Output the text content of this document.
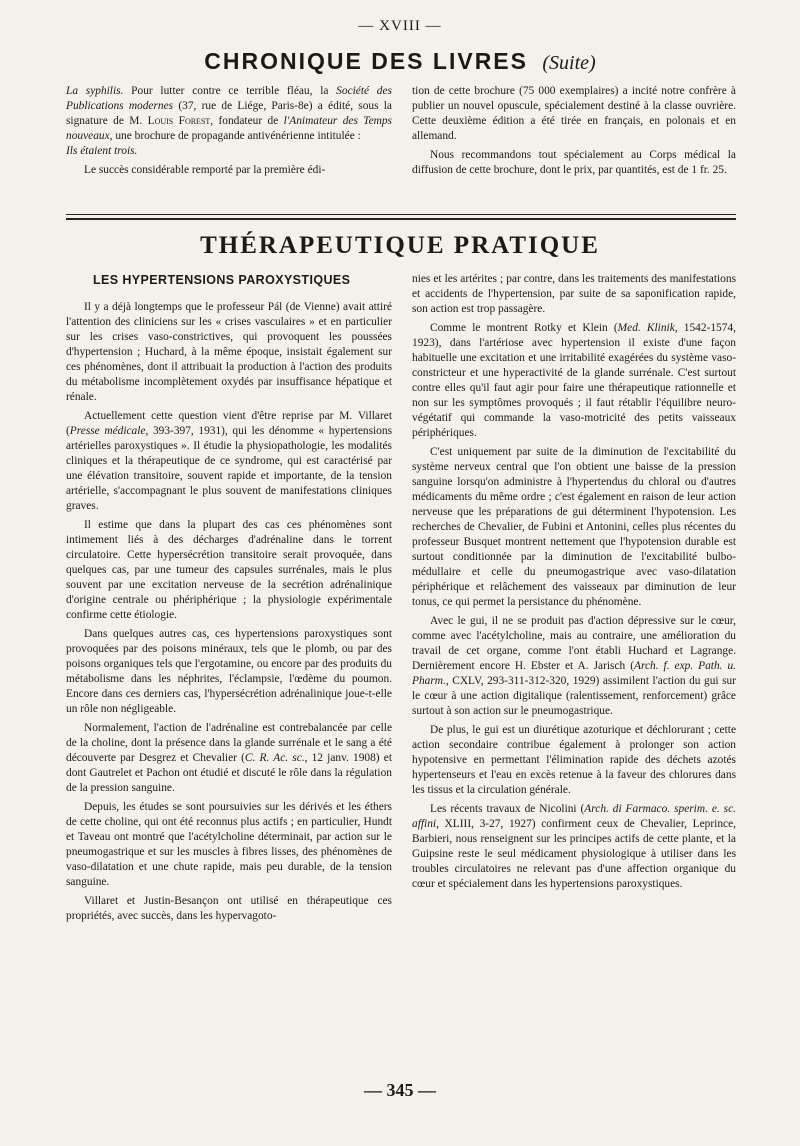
— XVIII —
CHRONIQUE DES LIVRES (Suite)

La syphilis. Pour lutter contre ce terrible fléau, la Société des Publications modernes (37, rue de Liége, Paris-8e) a édité, sous la signature de M. Louis Forest, fondateur de l'Animateur des Temps nouveaux, une brochure de propagande antivénérienne intitulée :
Ils étaient trois.

Le succès considérable remporté par la première édi-

tion de cette brochure (75 000 exemplaires) a incité notre confrère à publier un nouvel opuscule, spécialement destiné à la classe ouvrière. Cette deuxième édition a été tirée en français, en polonais et en allemand.

Nous recommandons tout spécialement au Corps médical la diffusion de cette brochure, dont le prix, par quantités, est de 1 fr. 25.

THÉRAPEUTIQUE PRATIQUE
LES HYPERTENSIONS PAROXYSTIQUES

Il y a déjà longtemps que le professeur Pál (de Vienne) avait attiré l'attention des cliniciens sur les « crises vasculaires » et en particulier sur les crises vaso-constrictives, qui provoquent les poussées d'hypertension ; Huchard, à la même époque, insistait également sur ces phénomènes, dont il attribuait la production à l'action des produits du métabolisme incomplètement oxydés par insuffisance hépatique et rénale.

Actuellement cette question vient d'être reprise par M. Villaret (Presse médicale, 393-397, 1931), qui les dénomme « hypertensions artérielles paroxystiques ». Il étudie la physiopathologie, les modalités cliniques et la thérapeutique de ce syndrome, qui est caractérisé par une élévation transitoire, souvent rapide et importante, de la tension artérielle, s'accompagnant le plus souvent de manifestations cliniques graves.

Il estime que dans la plupart des cas ces phénomènes sont intimement liés à des décharges d'adrénaline dans le torrent circulatoire. Cette hypersécrétion transitoire serait provoquée, dans quelques cas, par une tumeur des capsules surrénales, mais le plus souvent par une excitation nerveuse de la secrétion adrénalinique d'origine centrale ou phériphérique ; la physiologie expérimentale confirme cette étiologie.

Dans quelques autres cas, ces hypertensions paroxystiques sont provoquées par des poisons minéraux, tels que le plomb, ou par des poisons organiques tels que l'ergotamine, ou encore par des produits du métabolisme dans les néphrites, l'éclampsie, l'œdème du poumon. Encore dans ces derniers cas, l'hypersécrétion adrénalinique joue-t-elle un rôle non négligeable.

Normalement, l'action de l'adrénaline est contrebalancée par celle de la choline, dont la présence dans la glande surrénale et le sang a été découverte par Desgrez et Chevalier (C. R. Ac. sc., 12 janv. 1908) et dont Gautrelet et Pachon ont étudié et discuté le rôle dans la régulation de la pression sanguine.

Depuis, les études se sont poursuivies sur les dérivés et les éthers de cette choline, qui ont été reconnus plus actifs ; en particulier, Hundt et Taveau ont montré que l'acétylcholine déterminait, par action sur le pneumogastrique et sur les muscles à fibres lisses, des phénomènes de vaso-dilatation et une chute rapide, mais peu durable, de la tension sanguine.

Villaret et Justin-Besançon ont utilisé en thérapeutique ces propriétés, avec succès, dans les hypervagoto-

nies et les artérites ; par contre, dans les traitements des manifestations et accidents de l'hypertension, par suite de sa saponification rapide, son action est trop passagère.

Comme le montrent Rotky et Klein (Med. Klinik, 1542-1574, 1923), dans l'artériose avec hypertension il existe d'une façon habituelle une excitation et une irritabilité exagérées du système vaso-constricteur et une hyperactivité de la glande surrénale. C'est surtout contre elles qu'il faut agir pour faire une thérapeutique rationnelle et non sur les symptômes provoqués ; il faut rétablir l'équilibre neuro-végétatif qui commande la vaso-motricité des petits vaisseaux périphériques.

C'est uniquement par suite de la diminution de l'excitabilité du système nerveux central que l'on obtient une baisse de la pression sanguine lorsqu'on administre à l'hypertendus du chloral ou d'autres médicaments du même ordre ; c'est également en raison de leur action nerveuse que les préparations de gui déterminent l'hypotension. Les recherches de Chevalier, de Fubini et Antonini, celles plus récentes du professeur Busquet montrent nettement que l'hypotension durable est surtout conditionnée par la diminution de l'excitabilité bulbo-médullaire et celle du pneumogastrique avec vaso-dilatation périphérique et relâchement des vaisseaux par diminution de leur tonus, ce qui permet la persistance du phénomène.

Avec le gui, il ne se produit pas d'action dépressive sur le cœur, comme avec l'acétylcholine, mais au contraire, une amélioration du travail de cet organe, comme l'ont établi Huchard et Lagrange. Dernièrement encore H. Ebster et A. Jarisch (Arch. f. exp. Path. u. Pharm., CXLV, 293-311-312-320, 1929) assimilent l'action du gui sur le cœur à une action digitalique (ralentissement, renforcement) grâce surtout à son action sur le pneumogastrique.

De plus, le gui est un diurétique azoturique et déchlorurant ; cette action secondaire contribue également à prolonger son action hypotensive en permettant l'élimination rapide des déchets azotés hypertenseurs et l'eau en excès retenue à la faveur des chlorures dans les tissus et la circulation générale.

Les récents travaux de Nicolini (Arch. di Farmaco. sperim. e. sc. affini, XLIII, 3-27, 1927) confirment ceux de Chevalier, Leprince, Barbieri, nous renseignent sur les principes actifs de cette plante, et la Guipsine reste le seul médicament physiologique à utiliser dans les troubles circulatoires ne relevant pas d'une affection organique du cœur et spécialement dans les hypertensions paroxystiques.

— 345 —
